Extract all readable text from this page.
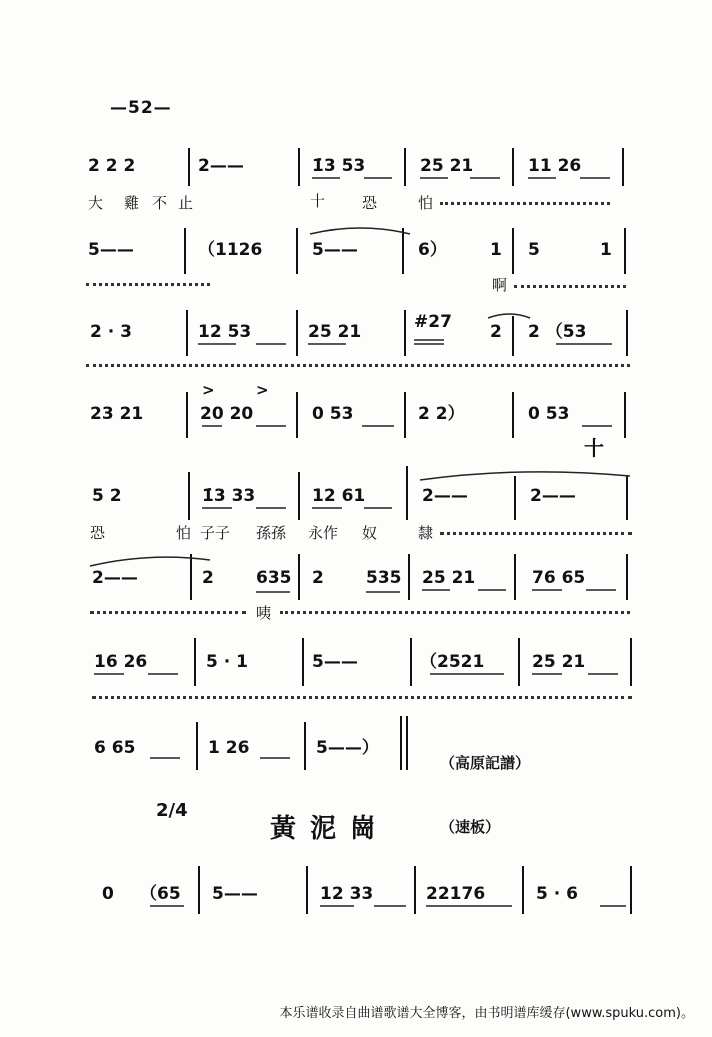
—52—
2 2 2	2——	1̇3 53	25 21	11 26
大 雞 不 止	十 恐	怕
5——	（1126	5——	6）	1 5	1
啊
2 · 3	12 53	25 21	#27 2 2 （53
23 21	20 20	0 53	2 2）	0 53
十
>	>
5 2	1̇3 33	12 61	2——	2——
恐	怕 子子 孫孫 永作 奴	隸
2——	2 635 2 535 25 21	76 65
咦
16 26	5 · 1	5——	（2521	25 21
6 65	1 26	5——）
（高原記譜）
2/4
黃泥崗	（速板）
0 （65 5——	12 33	22176	5 · 6
本乐谱收录自曲谱歌谱大全博客，由书明谱库缓存(www.spuku.com)。
